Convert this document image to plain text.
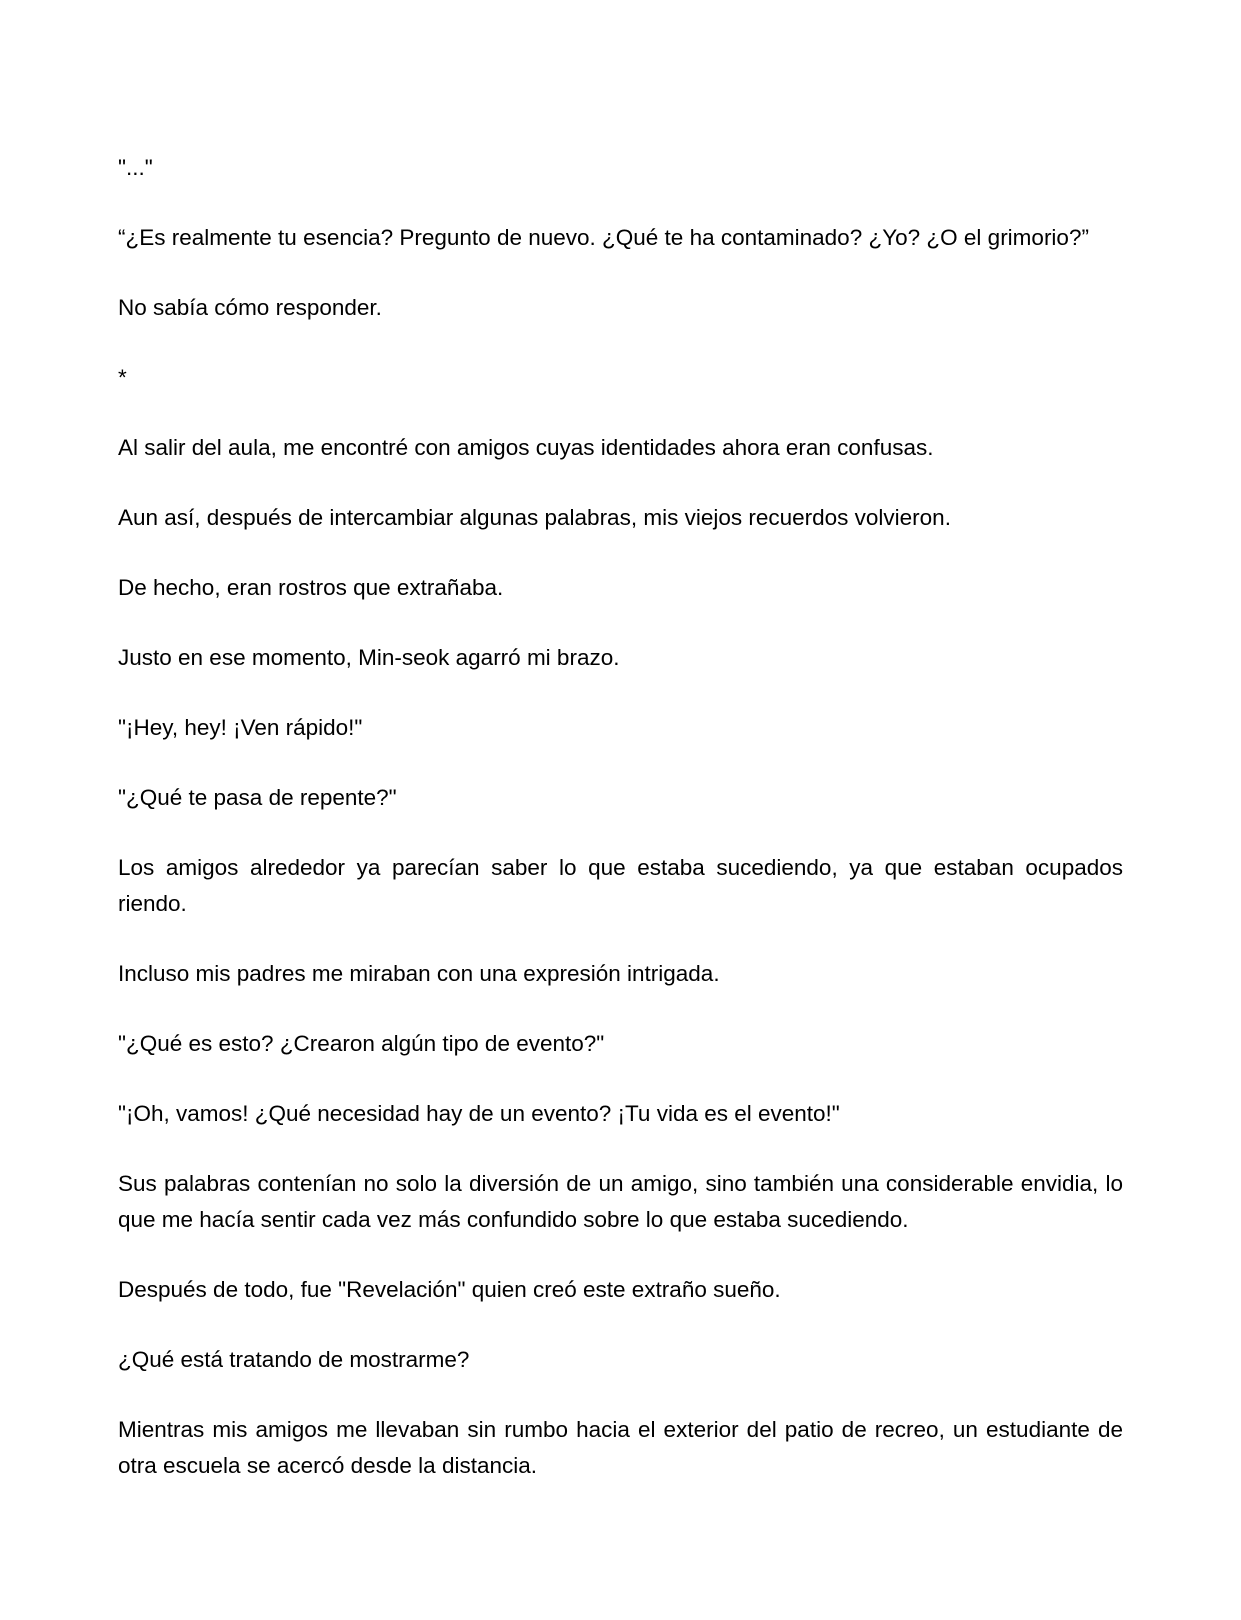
"..."

“¿Es realmente tu esencia? Pregunto de nuevo. ¿Qué te ha contaminado? ¿Yo? ¿O el grimorio?”

No sabía cómo responder.

*

Al salir del aula, me encontré con amigos cuyas identidades ahora eran confusas.

Aun así, después de intercambiar algunas palabras, mis viejos recuerdos volvieron.

De hecho, eran rostros que extrañaba.

Justo en ese momento, Min-seok agarró mi brazo.

"¡Hey, hey! ¡Ven rápido!"

"¿Qué te pasa de repente?"

Los amigos alrededor ya parecían saber lo que estaba sucediendo, ya que estaban ocupados riendo.

Incluso mis padres me miraban con una expresión intrigada.

"¿Qué es esto? ¿Crearon algún tipo de evento?"

"¡Oh, vamos! ¿Qué necesidad hay de un evento? ¡Tu vida es el evento!"

Sus palabras contenían no solo la diversión de un amigo, sino también una considerable envidia, lo que me hacía sentir cada vez más confundido sobre lo que estaba sucediendo.

Después de todo, fue "Revelación" quien creó este extraño sueño.

¿Qué está tratando de mostrarme?

Mientras mis amigos me llevaban sin rumbo hacia el exterior del patio de recreo, un estudiante de otra escuela se acercó desde la distancia.
